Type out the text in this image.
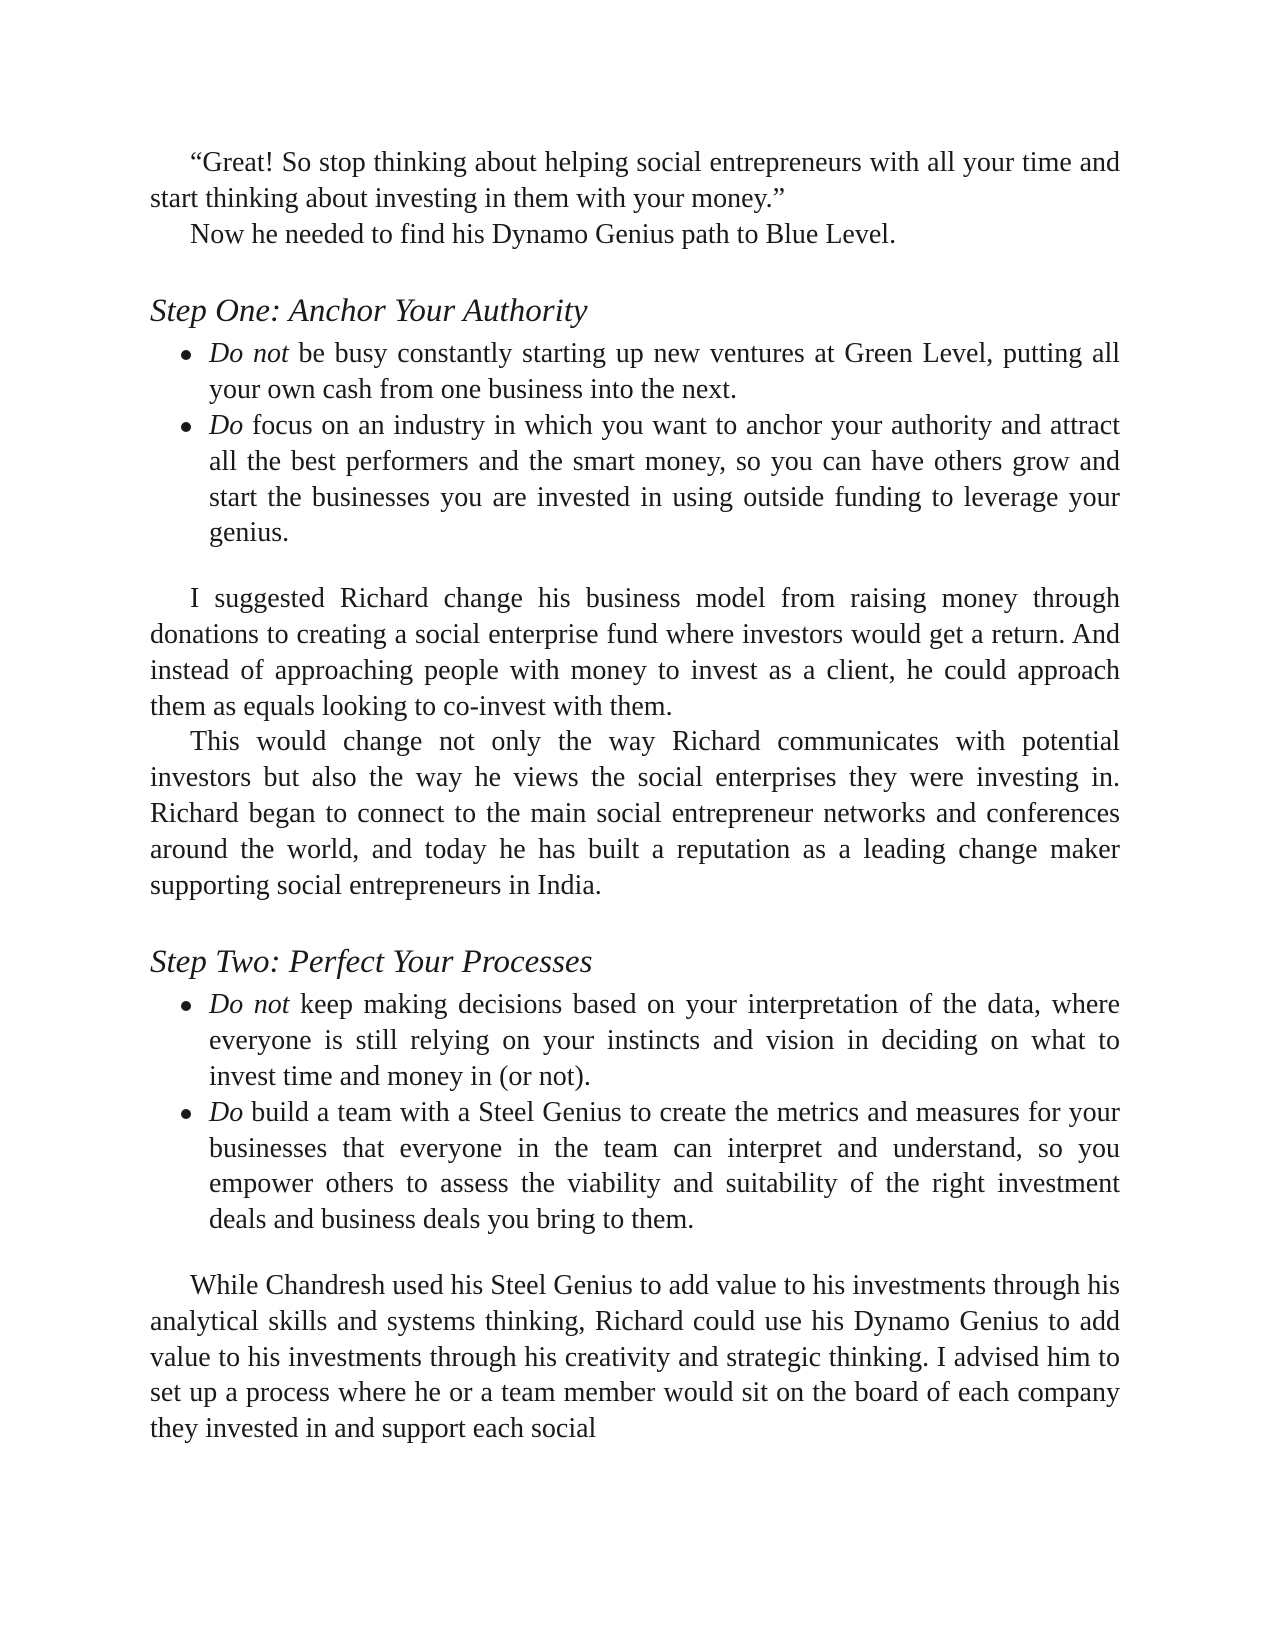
“Great! So stop thinking about helping social entrepreneurs with all your time and start thinking about investing in them with your money.”

Now he needed to find his Dynamo Genius path to Blue Level.

Step One: Anchor Your Authority
Do not be busy constantly starting up new ventures at Green Level, putting all your own cash from one business into the next.
Do focus on an industry in which you want to anchor your authority and attract all the best performers and the smart money, so you can have others grow and start the businesses you are invested in using outside funding to leverage your genius.

I suggested Richard change his business model from raising money through donations to creating a social enterprise fund where investors would get a return. And instead of approaching people with money to invest as a client, he could approach them as equals looking to co-invest with them.

This would change not only the way Richard communicates with potential investors but also the way he views the social enterprises they were investing in. Richard began to connect to the main social entrepreneur networks and conferences around the world, and today he has built a reputation as a leading change maker supporting social entrepreneurs in India.

Step Two: Perfect Your Processes
Do not keep making decisions based on your interpretation of the data, where everyone is still relying on your instincts and vision in deciding on what to invest time and money in (or not).
Do build a team with a Steel Genius to create the metrics and measures for your businesses that everyone in the team can interpret and understand, so you empower others to assess the viability and suitability of the right investment deals and business deals you bring to them.

While Chandresh used his Steel Genius to add value to his investments through his analytical skills and systems thinking, Richard could use his Dynamo Genius to add value to his investments through his creativity and strategic thinking. I advised him to set up a process where he or a team member would sit on the board of each company they invested in and support each social
